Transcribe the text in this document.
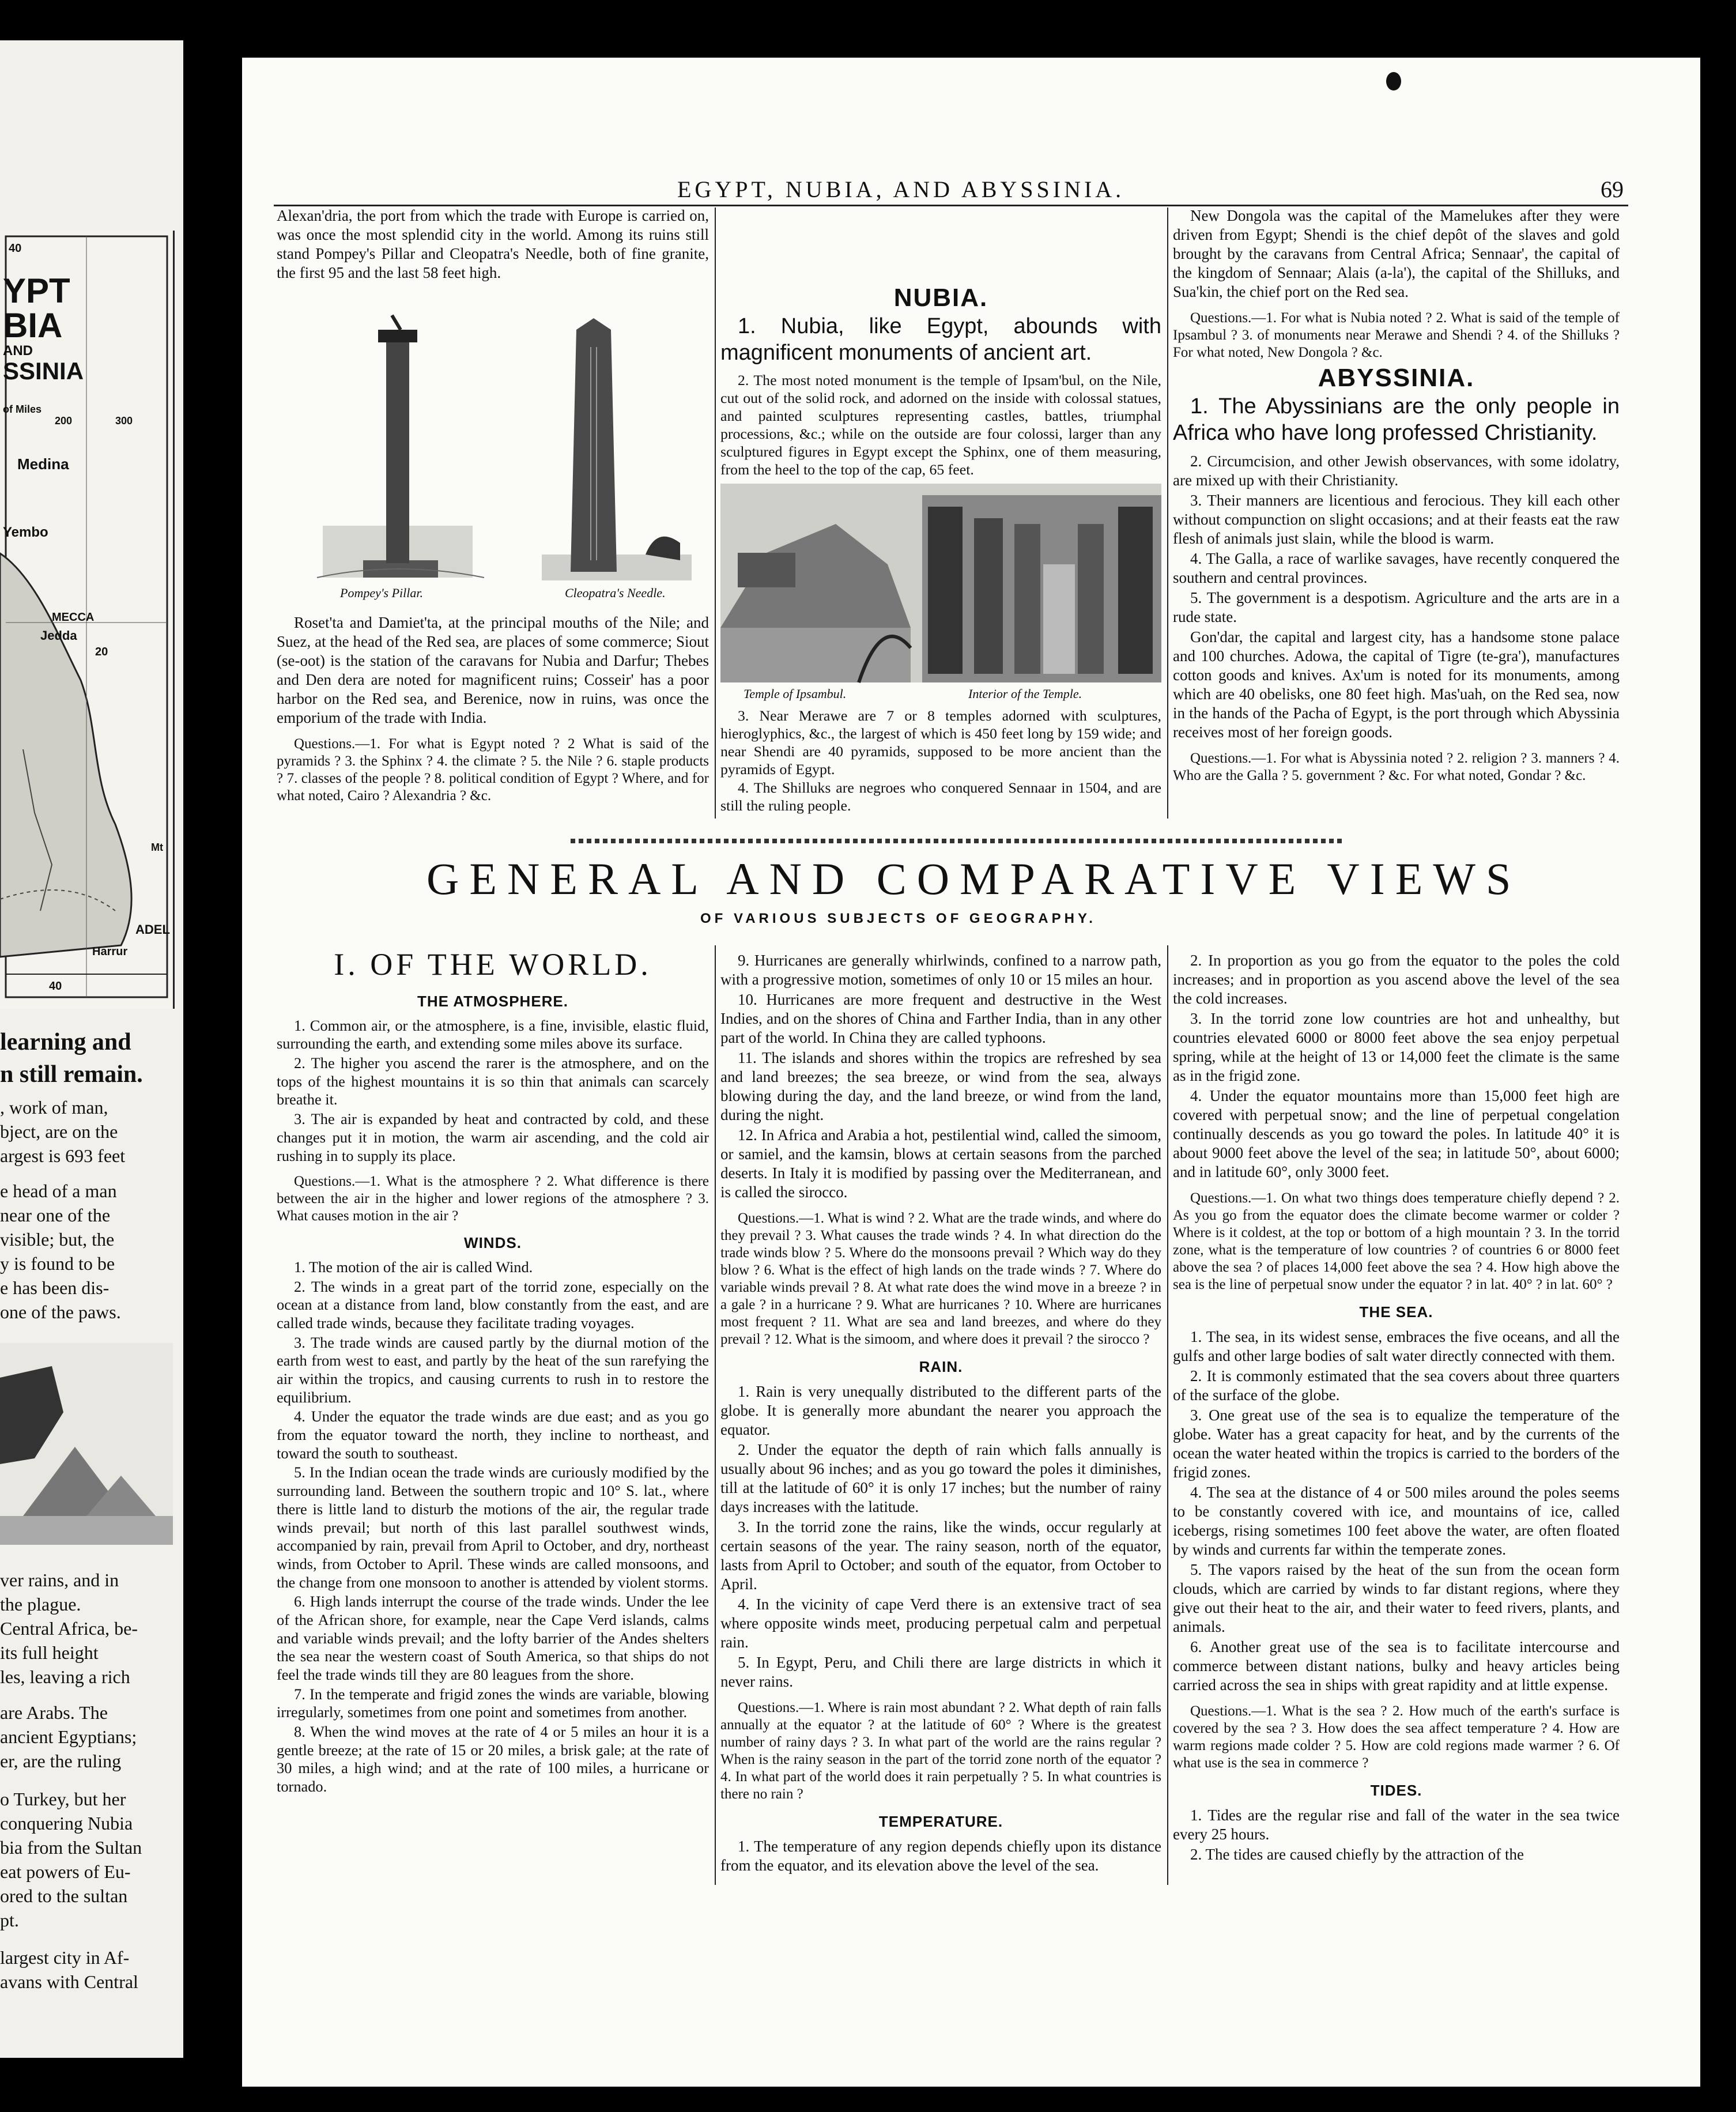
YPT
BIA
AND
SSINIA
of Miles
200	300
Medina
Yembo
MECCA
Jedda
20
40
Mt
ADEL
Harrur
40
learning and
n still remain.
, work of man,
bject, are on the
argest is 693 feet
e head of a man
near one of the
visible; but, the
y is found to be
e has been dis-
one of the paws.
ver rains, and in
the plague.
Central Africa, be-
its full height
les, leaving a rich
are Arabs. The
ancient Egyptians;
er, are the ruling
o Turkey, but her
conquering Nubia
bia from the Sultan
eat powers of Eu-
ored to the sultan
pt.
largest city in Af-
avans with Central
EGYPT, NUBIA, AND ABYSSINIA.	69

Alexan'dria, the port from which the trade with Europe is carried on, was once the most splendid city in the world. Among its ruins still stand Pompey's Pillar and Cleopatra's Needle, both of fine granite, the first 95 and the last 58 feet high.

Pompey's Pillar.	Cleopatra's Needle.

Roset'ta and Damiet'ta, at the principal mouths of the Nile; and Suez, at the head of the Red sea, are places of some commerce; Siout (se-oot) is the station of the caravans for Nubia and Darfur; Thebes and Den dera are noted for magnificent ruins; Cosseir' has a poor harbor on the Red sea, and Berenice, now in ruins, was once the emporium of the trade with India.

Questions.—1. For what is Egypt noted ? 2 What is said of the pyramids ? 3. the Sphinx ? 4. the climate ? 5. the Nile ? 6. staple products ? 7. classes of the people ? 8. political condition of Egypt ? Where, and for what noted, Cairo ? Alexandria ? &c.

NUBIA.
1. Nubia, like Egypt, abounds with magnificent monuments of ancient art.

2. The most noted monument is the temple of Ipsam'bul, on the Nile, cut out of the solid rock, and adorned on the inside with colossal statues, and painted sculptures representing castles, battles, triumphal processions, &c.; while on the outside are four colossi, larger than any sculptured figures in Egypt except the Sphinx, one of them measuring, from the heel to the top of the cap, 65 feet.

Temple of Ipsambul.	Interior of the Temple.

3. Near Merawe are 7 or 8 temples adorned with sculptures, hieroglyphics, &c., the largest of which is 450 feet long by 159 wide; and near Shendi are 40 pyramids, supposed to be more ancient than the pyramids of Egypt.

4. The Shilluks are negroes who conquered Sennaar in 1504, and are still the ruling people.

New Dongola was the capital of the Mamelukes after they were driven from Egypt; Shendi is the chief depôt of the slaves and gold brought by the caravans from Central Africa; Sennaar', the capital of the kingdom of Sennaar; Alais (a-la'), the capital of the Shilluks, and Sua'kin, the chief port on the Red sea.

Questions.—1. For what is Nubia noted ? 2. What is said of the temple of Ipsambul ? 3. of monuments near Merawe and Shendi ? 4. of the Shilluks ? For what noted, New Dongola ? &c.

ABYSSINIA.
1. The Abyssinians are the only people in Africa who have long professed Christianity.

2. Circumcision, and other Jewish observances, with some idolatry, are mixed up with their Christianity.

3. Their manners are licentious and ferocious. They kill each other without compunction on slight occasions; and at their feasts eat the raw flesh of animals just slain, while the blood is warm.

4. The Galla, a race of warlike savages, have recently conquered the southern and central provinces.

5. The government is a despotism. Agriculture and the arts are in a rude state.

Gon'dar, the capital and largest city, has a handsome stone palace and 100 churches. Adowa, the capital of Tigre (te-gra'), manufactures cotton goods and knives. Ax'um is noted for its monuments, among which are 40 obelisks, one 80 feet high. Mas'uah, on the Red sea, now in the hands of the Pacha of Egypt, is the port through which Abyssinia receives most of her foreign goods.

Questions.—1. For what is Abyssinia noted ? 2. religion ? 3. manners ? 4. Who are the Galla ? 5. government ? &c. For what noted, Gondar ? &c.

GENERAL AND COMPARATIVE VIEWS
OF VARIOUS SUBJECTS OF GEOGRAPHY.
I. OF THE WORLD.
THE ATMOSPHERE.

1. Common air, or the atmosphere, is a fine, invisible, elastic fluid, surrounding the earth, and extending some miles above its surface.

2. The higher you ascend the rarer is the atmosphere, and on the tops of the highest mountains it is so thin that animals can scarcely breathe it.

3. The air is expanded by heat and contracted by cold, and these changes put it in motion, the warm air ascending, and the cold air rushing in to supply its place.

Questions.—1. What is the atmosphere ? 2. What difference is there between the air in the higher and lower regions of the atmosphere ? 3. What causes motion in the air ?

WINDS.

1. The motion of the air is called Wind.

2. The winds in a great part of the torrid zone, especially on the ocean at a distance from land, blow constantly from the east, and are called trade winds, because they facilitate trading voyages.

3. The trade winds are caused partly by the diurnal motion of the earth from west to east, and partly by the heat of the sun rarefying the air within the tropics, and causing currents to rush in to restore the equilibrium.

4. Under the equator the trade winds are due east; and as you go from the equator toward the north, they incline to northeast, and toward the south to southeast.

5. In the Indian ocean the trade winds are curiously modified by the surrounding land. Between the southern tropic and 10° S. lat., where there is little land to disturb the motions of the air, the regular trade winds prevail; but north of this last parallel southwest winds, accompanied by rain, prevail from April to October, and dry, northeast winds, from October to April. These winds are called monsoons, and the change from one monsoon to another is attended by violent storms.

6. High lands interrupt the course of the trade winds. Under the lee of the African shore, for example, near the Cape Verd islands, calms and variable winds prevail; and the lofty barrier of the Andes shelters the sea near the western coast of South America, so that ships do not feel the trade winds till they are 80 leagues from the shore.

7. In the temperate and frigid zones the winds are variable, blowing irregularly, sometimes from one point and sometimes from another.

8. When the wind moves at the rate of 4 or 5 miles an hour it is a gentle breeze; at the rate of 15 or 20 miles, a brisk gale; at the rate of 30 miles, a high wind; and at the rate of 100 miles, a hurricane or tornado.

9. Hurricanes are generally whirlwinds, confined to a narrow path, with a progressive motion, sometimes of only 10 or 15 miles an hour.

10. Hurricanes are more frequent and destructive in the West Indies, and on the shores of China and Farther India, than in any other part of the world. In China they are called typhoons.

11. The islands and shores within the tropics are refreshed by sea and land breezes; the sea breeze, or wind from the sea, always blowing during the day, and the land breeze, or wind from the land, during the night.

12. In Africa and Arabia a hot, pestilential wind, called the simoom, or samiel, and the kamsin, blows at certain seasons from the parched deserts. In Italy it is modified by passing over the Mediterranean, and is called the sirocco.

Questions.—1. What is wind ? 2. What are the trade winds, and where do they prevail ? 3. What causes the trade winds ? 4. In what direction do the trade winds blow ? 5. Where do the monsoons prevail ? Which way do they blow ? 6. What is the effect of high lands on the trade winds ? 7. Where do variable winds prevail ? 8. At what rate does the wind move in a breeze ? in a gale ? in a hurricane ? 9. What are hurricanes ? 10. Where are hurricanes most frequent ? 11. What are sea and land breezes, and where do they prevail ? 12. What is the simoom, and where does it prevail ? the sirocco ?

RAIN.

1. Rain is very unequally distributed to the different parts of the globe. It is generally more abundant the nearer you approach the equator.

2. Under the equator the depth of rain which falls annually is usually about 96 inches; and as you go toward the poles it diminishes, till at the latitude of 60° it is only 17 inches; but the number of rainy days increases with the latitude.

3. In the torrid zone the rains, like the winds, occur regularly at certain seasons of the year. The rainy season, north of the equator, lasts from April to October; and south of the equator, from October to April.

4. In the vicinity of cape Verd there is an extensive tract of sea where opposite winds meet, producing perpetual calm and perpetual rain.

5. In Egypt, Peru, and Chili there are large districts in which it never rains.

Questions.—1. Where is rain most abundant ? 2. What depth of rain falls annually at the equator ? at the latitude of 60° ? Where is the greatest number of rainy days ? 3. In what part of the world are the rains regular ? When is the rainy season in the part of the torrid zone north of the equator ? 4. In what part of the world does it rain perpetually ? 5. In what countries is there no rain ?

TEMPERATURE.

1. The temperature of any region depends chiefly upon its distance from the equator, and its elevation above the level of the sea.

2. In proportion as you go from the equator to the poles the cold increases; and in proportion as you ascend above the level of the sea the cold increases.

3. In the torrid zone low countries are hot and unhealthy, but countries elevated 6000 or 8000 feet above the sea enjoy perpetual spring, while at the height of 13 or 14,000 feet the climate is the same as in the frigid zone.

4. Under the equator mountains more than 15,000 feet high are covered with perpetual snow; and the line of perpetual congelation continually descends as you go toward the poles. In latitude 40° it is about 9000 feet above the level of the sea; in latitude 50°, about 6000; and in latitude 60°, only 3000 feet.

Questions.—1. On what two things does temperature chiefly depend ? 2. As you go from the equator does the climate become warmer or colder ? Where is it coldest, at the top or bottom of a high mountain ? 3. In the torrid zone, what is the temperature of low countries ? of countries 6 or 8000 feet above the sea ? of places 14,000 feet above the sea ? 4. How high above the sea is the line of perpetual snow under the equator ? in lat. 40° ? in lat. 60° ?

THE SEA.

1. The sea, in its widest sense, embraces the five oceans, and all the gulfs and other large bodies of salt water directly connected with them.

2. It is commonly estimated that the sea covers about three quarters of the surface of the globe.

3. One great use of the sea is to equalize the temperature of the globe. Water has a great capacity for heat, and by the currents of the ocean the water heated within the tropics is carried to the borders of the frigid zones.

4. The sea at the distance of 4 or 500 miles around the poles seems to be constantly covered with ice, and mountains of ice, called icebergs, rising sometimes 100 feet above the water, are often floated by winds and currents far within the temperate zones.

5. The vapors raised by the heat of the sun from the ocean form clouds, which are carried by winds to far distant regions, where they give out their heat to the air, and their water to feed rivers, plants, and animals.

6. Another great use of the sea is to facilitate intercourse and commerce between distant nations, bulky and heavy articles being carried across the sea in ships with great rapidity and at little expense.

Questions.—1. What is the sea ? 2. How much of the earth's surface is covered by the sea ? 3. How does the sea affect temperature ? 4. How are warm regions made colder ? 5. How are cold regions made warmer ? 6. Of what use is the sea in commerce ?

TIDES.

1. Tides are the regular rise and fall of the water in the sea twice every 25 hours.

2. The tides are caused chiefly by the attraction of the
